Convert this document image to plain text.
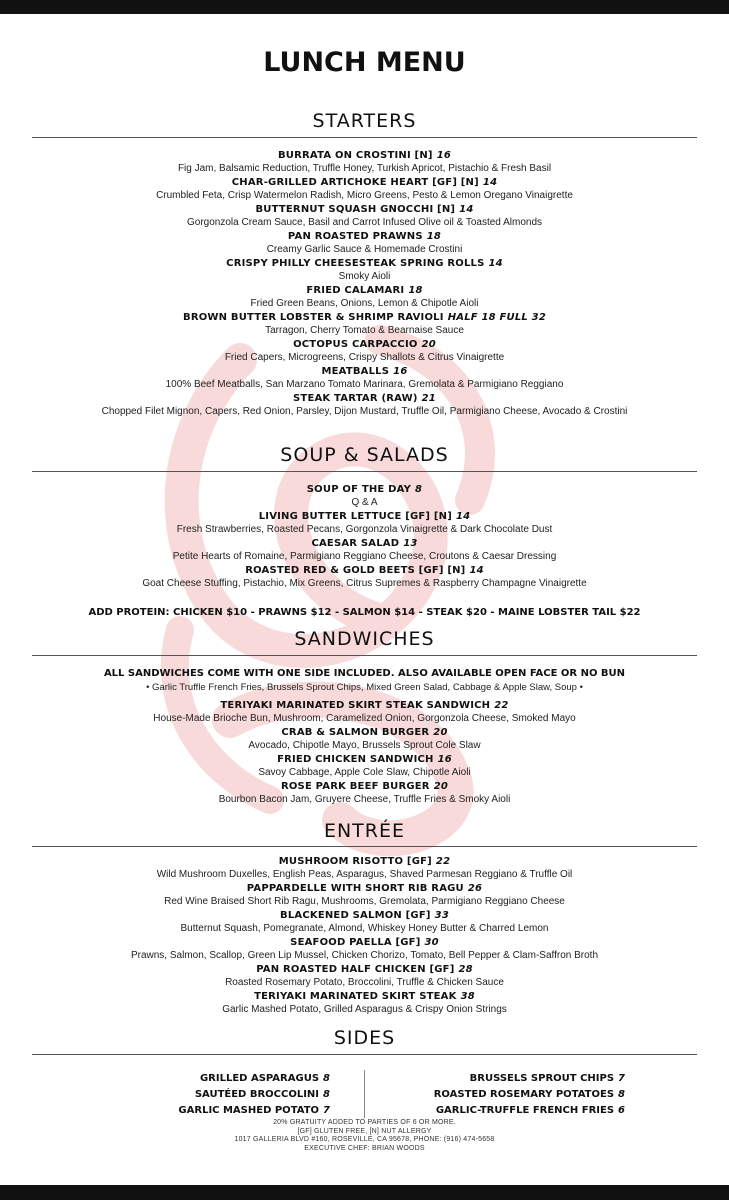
LUNCH MENU
STARTERS
BURRATA ON CROSTINI [N] 16
Fig Jam, Balsamic Reduction, Truffle Honey, Turkish Apricot, Pistachio & Fresh Basil
CHAR-GRILLED ARTICHOKE HEART [GF] [N] 14
Crumbled Feta, Crisp Watermelon Radish, Micro Greens, Pesto & Lemon Oregano Vinaigrette
BUTTERNUT SQUASH GNOCCHI [N] 14
Gorgonzola Cream Sauce, Basil and Carrot Infused Olive oil & Toasted Almonds
PAN ROASTED PRAWNS 18
Creamy Garlic Sauce & Homemade Crostini
CRISPY PHILLY CHEESESTEAK SPRING ROLLS 14
Smoky Aioli
FRIED CALAMARI 18
Fried Green Beans, Onions, Lemon & Chipotle Aioli
BROWN BUTTER LOBSTER & SHRIMP RAVIOLI HALF 18 FULL 32
Tarragon, Cherry Tomato & Bearnaise Sauce
OCTOPUS CARPACCIO 20
Fried Capers, Microgreens, Crispy Shallots & Citrus Vinaigrette
MEATBALLS 16
100% Beef Meatballs, San Marzano Tomato Marinara, Gremolata & Parmigiano Reggiano
STEAK TARTAR (RAW) 21
Chopped Filet Mignon, Capers, Red Onion, Parsley, Dijon Mustard, Truffle Oil, Parmigiano Cheese, Avocado & Crostini
SOUP & SALADS
SOUP OF THE DAY 8
Q & A
LIVING BUTTER LETTUCE [GF] [N] 14
Fresh Strawberries, Roasted Pecans, Gorgonzola Vinaigrette & Dark Chocolate Dust
CAESAR SALAD 13
Petite Hearts of Romaine, Parmigiano Reggiano Cheese, Croutons & Caesar Dressing
ROASTED RED & GOLD BEETS [GF] [N] 14
Goat Cheese Stuffing, Pistachio, Mix Greens, Citrus Supremes & Raspberry Champagne Vinaigrette
ADD PROTEIN: CHICKEN $10 - PRAWNS $12 - SALMON $14 - STEAK $20 - MAINE LOBSTER TAIL $22
SANDWICHES
ALL SANDWICHES COME WITH ONE SIDE INCLUDED. ALSO AVAILABLE OPEN FACE OR NO BUN
• Garlic Truffle French Fries, Brussels Sprout Chips, Mixed Green Salad, Cabbage & Apple Slaw, Soup •
TERIYAKI MARINATED SKIRT STEAK SANDWICH 22
House-Made Brioche Bun, Mushroom, Caramelized Onion, Gorgonzola Cheese, Smoked Mayo
CRAB & SALMON BURGER 20
Avocado, Chipotle Mayo, Brussels Sprout Cole Slaw
FRIED CHICKEN SANDWICH 16
Savoy Cabbage, Apple Cole Slaw, Chipotle Aioli
ROSE PARK BEEF BURGER 20
Bourbon Bacon Jam, Gruyere Cheese, Truffle Fries & Smoky Aioli
ENTRÉE
MUSHROOM RISOTTO [GF] 22
Wild Mushroom Duxelles, English Peas, Asparagus, Shaved Parmesan Reggiano & Truffle Oil
PAPPARDELLE WITH SHORT RIB RAGU 26
Red Wine Braised Short Rib Ragu, Mushrooms, Gremolata, Parmigiano Reggiano Cheese
BLACKENED SALMON [GF] 33
Butternut Squash, Pomegranate, Almond, Whiskey Honey Butter & Charred Lemon
SEAFOOD PAELLA [GF] 30
Prawns, Salmon, Scallop, Green Lip Mussel, Chicken Chorizo, Tomato, Bell Pepper & Clam-Saffron Broth
PAN ROASTED HALF CHICKEN [GF] 28
Roasted Rosemary Potato, Broccolini, Truffle & Chicken Sauce
TERIYAKI MARINATED SKIRT STEAK 38
Garlic Mashed Potato, Grilled Asparagus & Crispy Onion Strings
SIDES
GRILLED ASPARAGUS 8
SAUTÉED BROCCOLINI 8
GARLIC MASHED POTATO 7
BRUSSELS SPROUT CHIPS 7
ROASTED ROSEMARY POTATOES 8
GARLIC-TRUFFLE FRENCH FRIES 6
20% GRATUITY ADDED TO PARTIES OF 6 OR MORE.
[GF] GLUTEN FREE, [N] NUT ALLERGY
1017 GALLERIA BLVD #160, ROSEVILLE, CA 95678, PHONE: (916) 474-5658
EXECUTIVE CHEF: BRIAN WOODS
